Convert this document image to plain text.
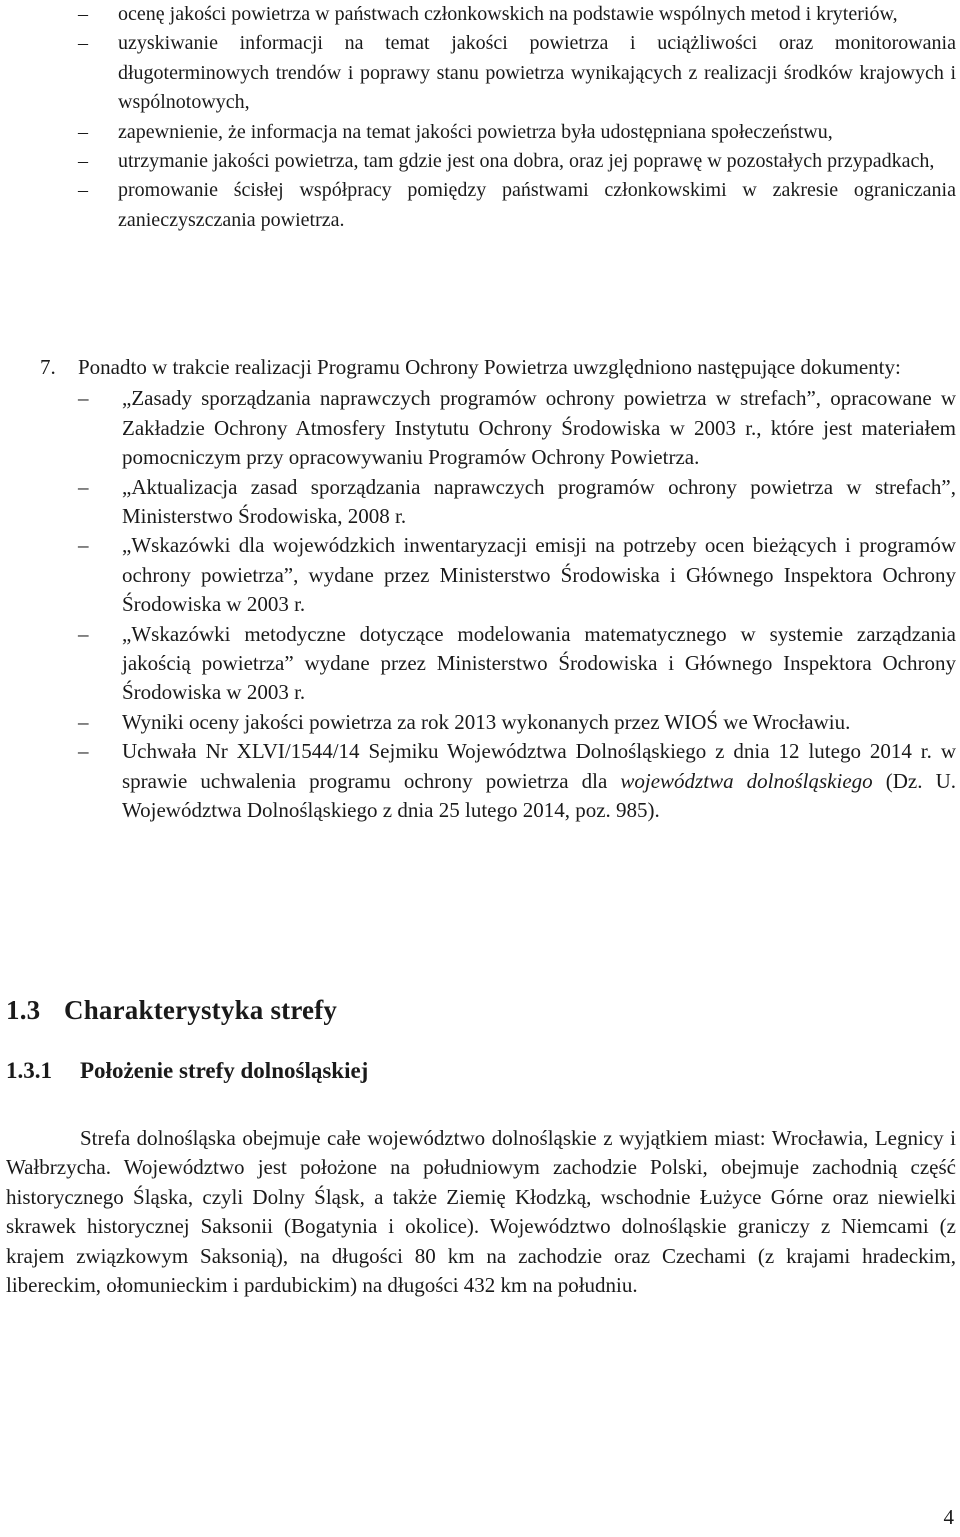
–	ocenę jakości powietrza w państwach członkowskich na podstawie wspólnych metod i kryteriów,

–	uzyskiwanie informacji na temat jakości powietrza i uciążliwości oraz monitorowania długoterminowych trendów i poprawy stanu powietrza wynikających z realizacji środków krajowych i wspólnotowych,

–	zapewnienie, że informacja na temat jakości powietrza była udostępniana społeczeństwu,

–	utrzymanie jakości powietrza, tam gdzie jest ona dobra, oraz jej poprawę w pozostałych przypadkach,

–	promowanie ścisłej współpracy pomiędzy państwami członkowskimi w zakresie ograniczania zanieczyszczania powietrza.

7.	Ponadto w trakcie realizacji Programu Ochrony Powietrza uwzględniono następujące dokumenty:

–	„Zasady sporządzania naprawczych programów ochrony powietrza w strefach”, opracowane w Zakładzie Ochrony Atmosfery Instytutu Ochrony Środowiska w 2003 r., które jest materiałem pomocniczym przy opracowywaniu Programów Ochrony Powietrza.

–	„Aktualizacja zasad sporządzania naprawczych programów ochrony powietrza w strefach”, Ministerstwo Środowiska, 2008 r.

–	„Wskazówki dla wojewódzkich inwentaryzacji emisji na potrzeby ocen bieżących i programów ochrony powietrza”, wydane przez Ministerstwo Środowiska i Głównego Inspektora Ochrony Środowiska w 2003 r.

–	„Wskazówki metodyczne dotyczące modelowania matematycznego w systemie zarządzania jakością powietrza” wydane przez Ministerstwo Środowiska i Głównego Inspektora Ochrony Środowiska w 2003 r.

–	Wyniki oceny jakości powietrza za rok 2013 wykonanych przez WIOŚ we Wrocławiu.

–	Uchwała Nr XLVI/1544/14 Sejmiku Województwa Dolnośląskiego z dnia 12 lutego 2014 r. w sprawie uchwalenia programu ochrony powietrza dla województwa dolnośląskiego (Dz. U. Województwa Dolnośląskiego z dnia 25 lutego 2014, poz. 985).

1.3 Charakterystyka strefy
1.3.1 Położenie strefy dolnośląskiej

Strefa dolnośląska obejmuje całe województwo dolnośląskie z wyjątkiem miast: Wrocławia, Legnicy i Wałbrzycha. Województwo jest położone na południowym zachodzie Polski, obejmuje zachodnią część historycznego Śląska, czyli Dolny Śląsk, a także Ziemię Kłodzką, wschodnie Łużyce Górne oraz niewielki skrawek historycznej Saksonii (Bogatynia i okolice). Województwo dolnośląskie graniczy z Niemcami (z krajem związkowym Saksonią), na długości 80 km na zachodzie oraz Czechami (z krajami hradeckim, libereckim, ołomunieckim i pardubickim) na długości 432 km na południu.

4
